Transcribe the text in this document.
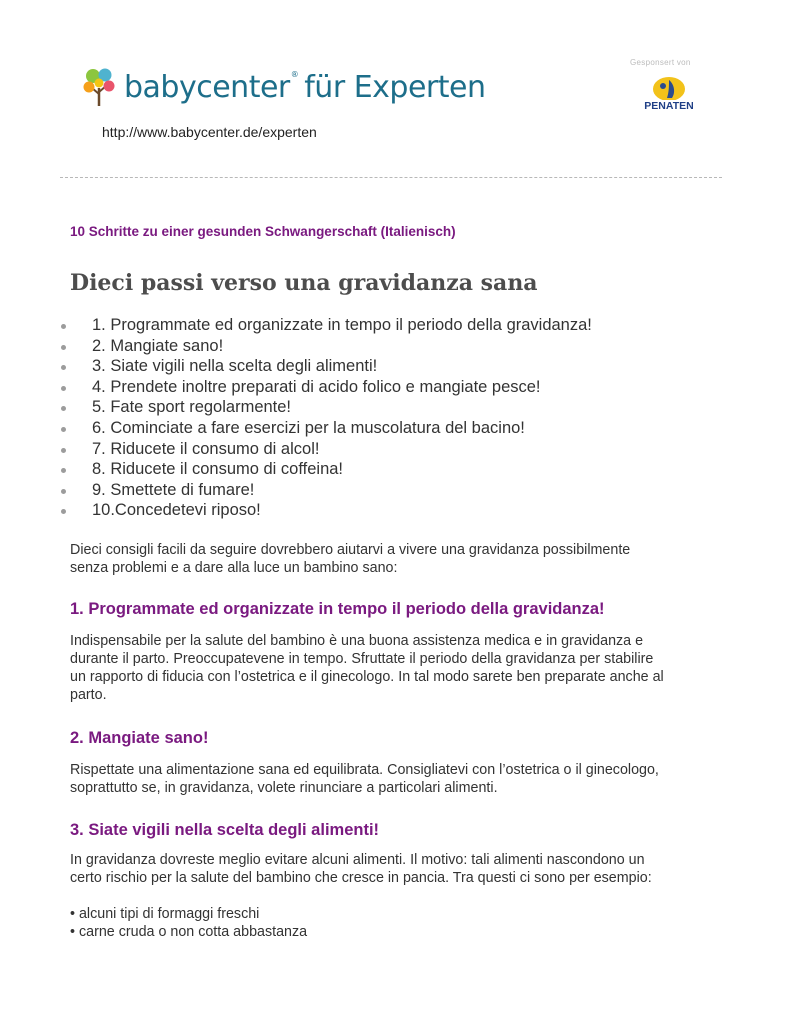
babycenter® für Experten
http://www.babycenter.de/experten
Gesponsert von
PENATEN
10 Schritte zu einer gesunden Schwangerschaft (Italienisch)
Dieci passi verso una gravidanza sana
1. Programmate ed organizzate in tempo il periodo della gravidanza!
2. Mangiate sano!
3. Siate vigili nella scelta degli alimenti!
4. Prendete inoltre preparati di acido folico e mangiate pesce!
5. Fate sport regolarmente!
6. Cominciate a fare esercizi per la muscolatura del bacino!
7. Riducete il consumo di alcol!
8. Riducete il consumo di coffeina!
9. Smettete di fumare!
10.Concedetevi riposo!

Dieci consigli facili da seguire dovrebbero aiutarvi a vivere una gravidanza possibilmente
senza problemi e a dare alla luce un bambino sano:

1. Programmate ed organizzate in tempo il periodo della gravidanza!

Indispensabile per la salute del bambino è una buona assistenza medica e in gravidanza e
durante il parto. Preoccupatevene in tempo. Sfruttate il periodo della gravidanza per stabilire
un rapporto di fiducia con l’ostetrica e il ginecologo. In tal modo sarete ben preparate anche al
parto.

2. Mangiate sano!

Rispettate una alimentazione sana ed equilibrata. Consigliatevi con l’ostetrica o il ginecologo,
soprattutto se, in gravidanza, volete rinunciare a particolari alimenti.

3. Siate vigili nella scelta degli alimenti!

In gravidanza dovreste meglio evitare alcuni alimenti. Il motivo: tali alimenti nascondono un
certo rischio per la salute del bambino che cresce in pancia. Tra questi ci sono per esempio:

• alcuni tipi di formaggi freschi
• carne cruda o non cotta abbastanza
